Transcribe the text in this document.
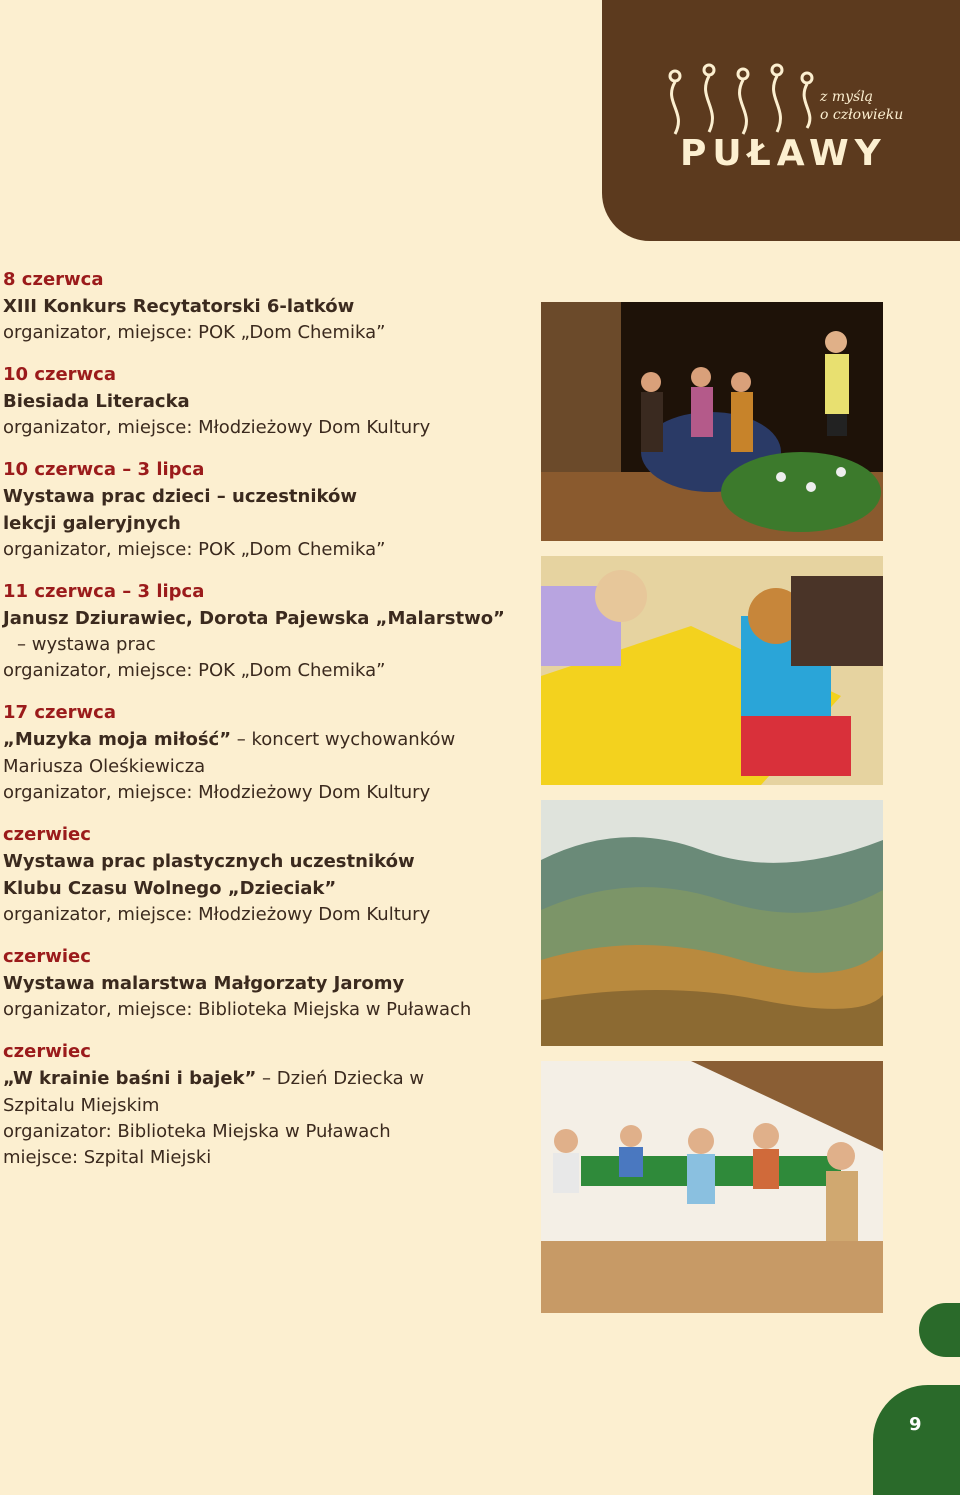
z myślą
o człowieku
PUŁAWY
8 czerwca
XIII Konkurs Recytatorski 6-latków
organizator, miejsce: POK „Dom Chemika”
10 czerwca
Biesiada Literacka
organizator, miejsce: Młodzieżowy Dom Kultury
10 czerwca – 3 lipca
Wystawa prac dzieci – uczestników lekcji galeryjnych
organizator, miejsce: POK „Dom Chemika”
11 czerwca – 3 lipca
Janusz Dziurawiec, Dorota Pajewska „Malarstwo”
– wystawa prac
organizator, miejsce: POK „Dom Chemika”
17 czerwca
„Muzyka moja miłość” – koncert wychowanków Mariusza Oleśkiewicza
organizator, miejsce: Młodzieżowy Dom Kultury
czerwiec
Wystawa prac plastycznych uczestników Klubu Czasu Wolnego „Dzieciak”
organizator, miejsce: Młodzieżowy Dom Kultury
czerwiec
Wystawa malarstwa Małgorzaty Jaromy
organizator, miejsce: Biblioteka Miejska w Puławach
czerwiec
„W krainie baśni i bajek” – Dzień Dziecka w Szpitalu Miejskim
organizator: Biblioteka Miejska w Puławach
miejsce: Szpital Miejski
9
